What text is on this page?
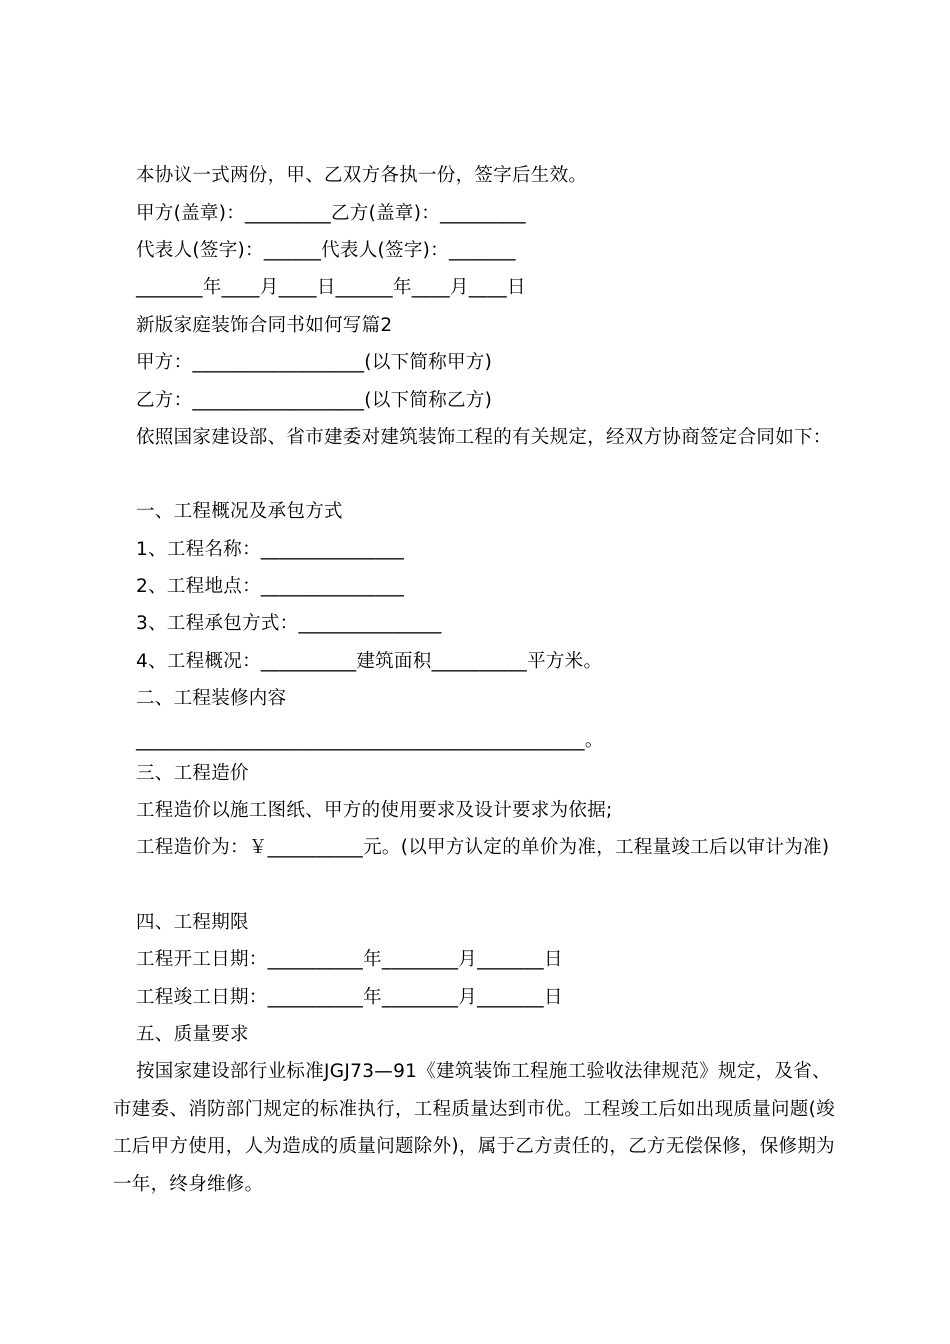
本协议一式两份，甲、乙双方各执一份，签字后生效。
甲方(盖章)：_________乙方(盖章)：_________
代表人(签字)：______代表人(签字)：_______
_______年____月____日______年____月____日
新版家庭装饰合同书如何写篇2
甲方：__________________(以下简称甲方)
乙方：__________________(以下简称乙方)
依照国家建设部、省市建委对建筑装饰工程的有关规定，经双方协商签定合同如下：
一、工程概况及承包方式
1、工程名称：_______________
2、工程地点：_______________
3、工程承包方式：_______________
4、工程概况：__________建筑面积__________平方米。
二、工程装修内容
_______________________________________________。
三、工程造价
工程造价以施工图纸、甲方的使用要求及设计要求为依据;
工程造价为：￥__________元。(以甲方认定的单价为准，工程量竣工后以审计为准)
四、工程期限
工程开工日期：__________年________月_______日
工程竣工日期：__________年________月_______日
五、质量要求
按国家建设部行业标准JGJ73—91《建筑装饰工程施工验收法律规范》规定，及省、市建委、消防部门规定的标准执行，工程质量达到市优。工程竣工后如出现质量问题(竣工后甲方使用，人为造成的质量问题除外)，属于乙方责任的，乙方无偿保修，保修期为一年，终身维修。
